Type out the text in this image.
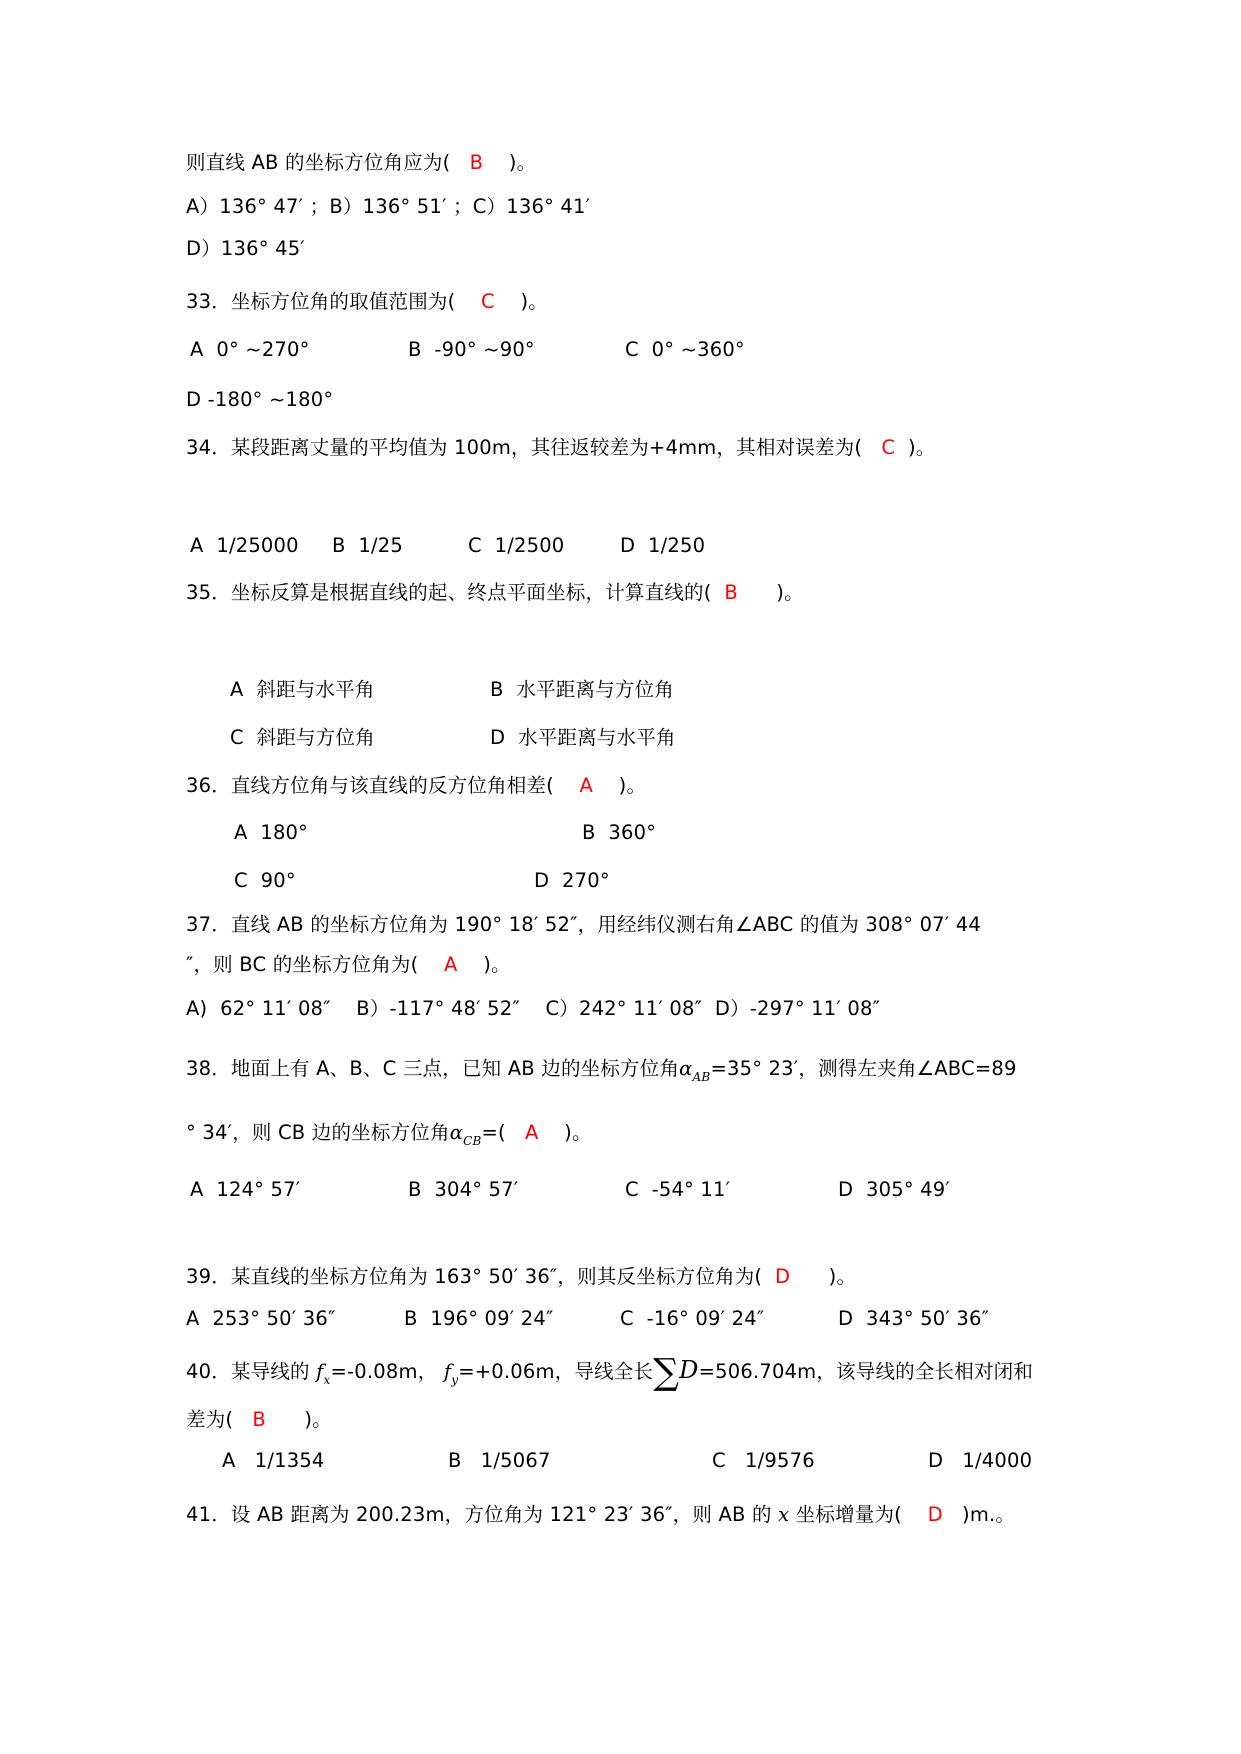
则直线 AB 的坐标方位角应为(   B    )。
A）136° 47′ ；B）136° 51′ ；C）136° 41′
D）136° 45′
33．坐标方位角的取值范围为(    C    )。
A  0° ~270°	B  -90° ~90°	C  0° ~360°
D -180° ~180°
34．某段距离丈量的平均值为 100m，其往返较差为+4mm，其相对误差为(   C  )。
A  1/25000 B  1/25	C  1/2500	D  1/250
35．坐标反算是根据直线的起、终点平面坐标，计算直线的(  B      )。
A  斜距与水平角	B  水平距离与方位角
C  斜距与方位角	D  水平距离与水平角
36．直线方位角与该直线的反方位角相差(    A    )。
A  180°	B  360°
C  90°	D  270°
37．直线 AB 的坐标方位角为 190° 18′ 52″，用经纬仪测右角∠ABC 的值为 308° 07′ 44
″，则 BC 的坐标方位角为(    A    )。
A)  62° 11′ 08″    B）-117° 48′ 52″    C）242° 11′ 08″  D）-297° 11′ 08″
38．地面上有 A、B、C 三点，已知 AB 边的坐标方位角$\alpha_{AB}=35^\circ$ 23′，测得左夹角∠ABC=89
° 34′，则 CB 边的坐标方位角$\alpha_{CB}=$(   A    )。
A  124° 57′	B  304° 57′	C  -54° 11′	D  305° 49′
39．某直线的坐标方位角为 163° 50′ 36″，则其反坐标方位角为(  D      )。
A  253° 50′ 36″	B  196° 09′ 24″	C  -16° 09′ 24″	D  343° 50′ 36″
40．某导线的 $f_x=-0.08m$， $f_y=+0.06m$，导线全长∑D=506.704m，该导线的全长相对闭和
差为(   B      )。
A   1/1354	B   1/5067	C   1/9576	D   1/4000
41．设 AB 距离为 200.23m，方位角为 121° 23′ 36″，则 AB 的 x 坐标增量为(    D   )m.。
